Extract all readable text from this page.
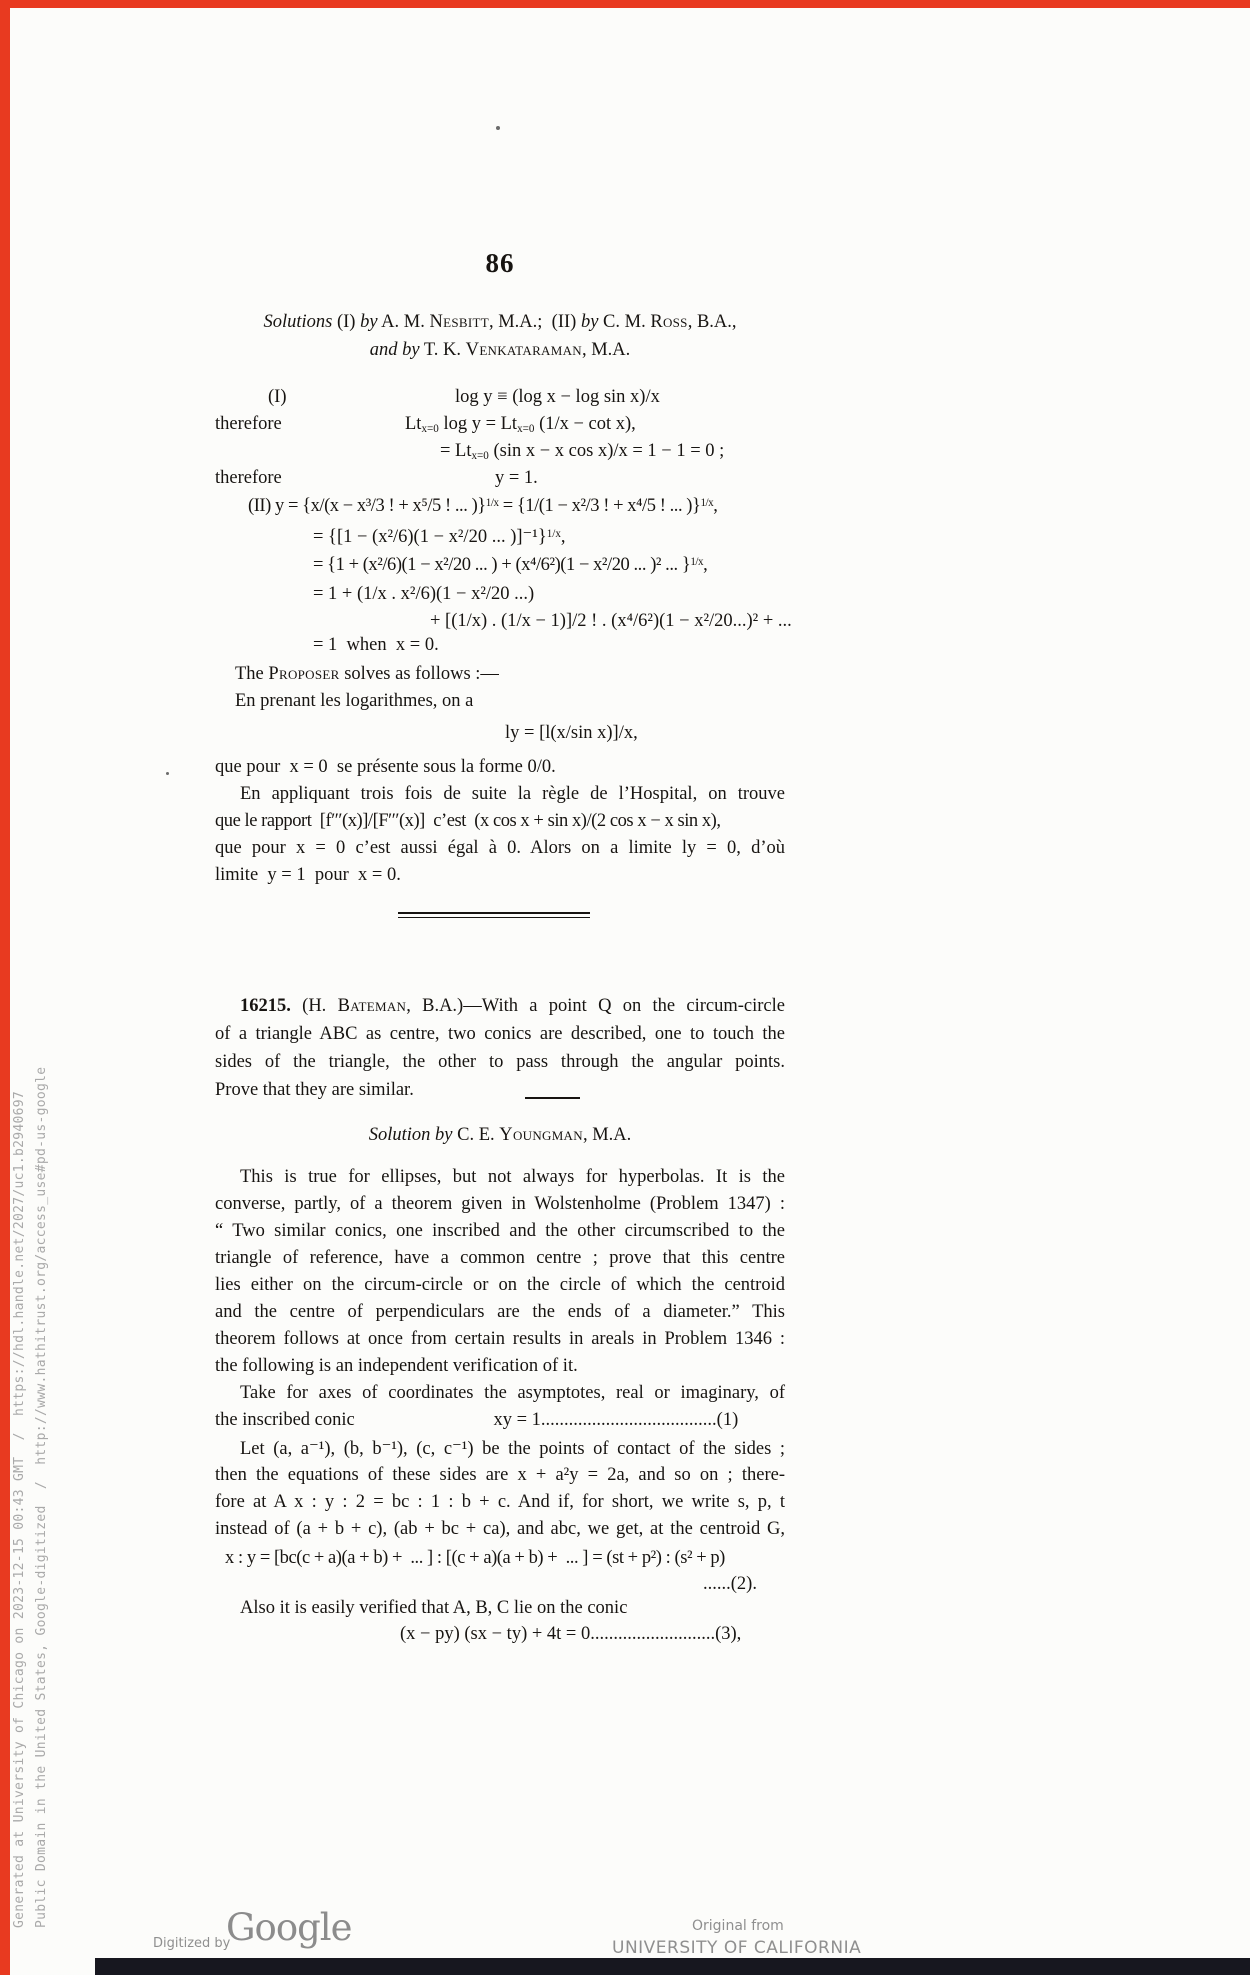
Generated at University of Chicago on 2023-12-15 00:43 GMT  /  https://hdl.handle.net/2027/uc1.b2940697 Public Domain in the United States, Google-digitized  /  http://www.hathitrust.org/access_use#pd-us-google
86
Solutions (I) by A. M. Nesbitt, M.A.;  (II) by C. M. Ross, B.A.,
and by T. K. Venkataraman, M.A.
(I)	log y ≡ (log x − log sin x)/x
therefore	$Lt_{x=0}$ $\log y = Lt_{x=0}$ (1/x − cot x),
= $Lt_{x=0}$ (sin x − x cos x)/x = 1 − 1 = 0 ;
therefore	y = 1.
(II) y = {x/(x − x³/3 ! + x⁵/5 ! ... )}$^{1/x}$ = {1/(1 − x²/3 ! + x⁴/5 ! ... )}$^{1/x}$,
= {[1 − (x²/6)(1 − x²/20 ... )]⁻¹}$^{1/x}$,
= {1 + (x²/6)(1 − x²/20 ... ) + (x⁴/6²)(1 − x²/20 ... )² ... }$^{1/x}$,
= 1 + (1/x . x²/6)(1 − x²/20 ...)
+ [(1/x) . (1/x − 1)]/2 ! . (x⁴/6²)(1 − x²/20...)² + ...
= 1  when  x = 0.
The Proposer solves as follows :—
En prenant les logarithmes, on a
ly = [l(x/sin x)]/x,
que pour  x = 0  se présente sous la forme 0/0.
En appliquant trois fois de suite la règle de l’Hospital, on trouve
que le rapport  [f′′′(x)]/[F′′′(x)]  c’est  (x cos x + sin x)/(2 cos x − x sin x),
que pour x = 0 c’est aussi égal à 0. Alors on a limite ly = 0, d’où
limite  y = 1  pour  x = 0.
16215. (H. Bateman, B.A.)—With a point Q on the circum-circle
of a triangle ABC as centre, two conics are described, one to touch the
sides of the triangle, the other to pass through the angular points.
Prove that they are similar.
Solution by C. E. Youngman, M.A.
This is true for ellipses, but not always for hyperbolas. It is the
converse, partly, of a theorem given in Wolstenholme (Problem 1347) :
“ Two similar conics, one inscribed and the other circumscribed to the
triangle of reference, have a common centre ; prove that this centre
lies either on the circum-circle or on the circle of which the centroid
and the centre of perpendiculars are the ends of a diameter.” This
theorem follows at once from certain results in areals in Problem 1346 :
the following is an independent verification of it.
Take for axes of coordinates the asymptotes, real or imaginary, of
the inscribed conic                              xy = 1......................................(1)
Let (a, a⁻¹), (b, b⁻¹), (c, c⁻¹) be the points of contact of the sides ;
then the equations of these sides are x + a²y = 2a, and so on ; there-
fore at A x : y : 2 = bc : 1 : b + c. And if, for short, we write s, p, t
instead of (a + b + c), (ab + bc + ca), and abc, we get, at the centroid G,
x : y = [bc(c + a)(a + b) +  ... ] : [(c + a)(a + b) +  ... ] = (st + p²) : (s² + p)
......(2).
Also it is easily verified that A, B, C lie on the conic
(x − py) (sx − ty) + 4t = 0...........................(3),
Digitized by
Google	Original from
UNIVERSITY OF CALIFORNIA
